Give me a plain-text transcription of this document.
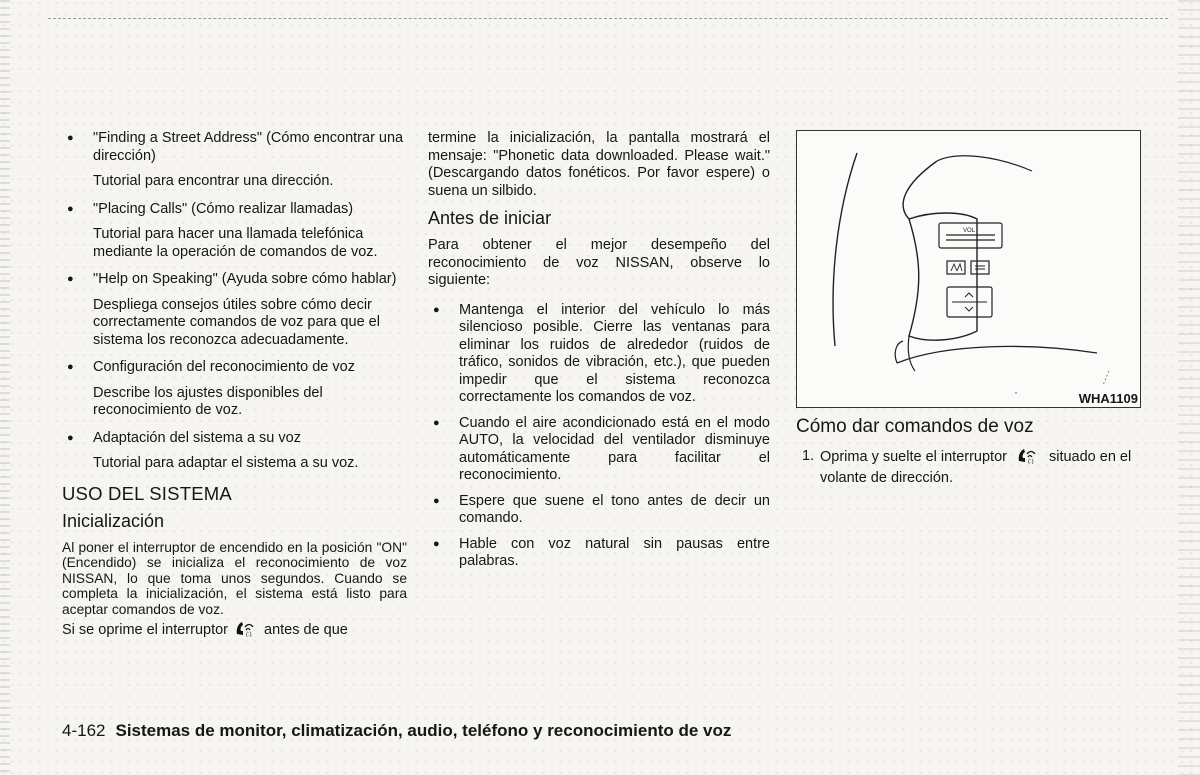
● "Finding a Street Address" (Cómo encontrar una dirección)
Tutorial para encontrar una dirección.
● "Placing Calls" (Cómo realizar llamadas)
Tutorial para hacer una llamada telefónica mediante la operación de comandos de voz.
● "Help on Speaking" (Ayuda sobre cómo hablar)
Despliega consejos útiles sobre cómo decir correctamente comandos de voz para que el sistema los reconozca adecuadamente.
● Configuración del reconocimiento de voz
Describe los ajustes disponibles del reconocimiento de voz.
● Adaptación del sistema a su voz
Tutorial para adaptar el sistema a su voz.
USO DEL SISTEMA
Inicialización
Al poner el interruptor de encendido en la posición "ON" (Encendido) se inicializa el reconocimiento de voz NISSAN, lo que toma unos segundos. Cuando se completa la inicialización, el sistema está listo para aceptar comandos de voz.
Si se oprime el interruptor	(:) antes de que
termine la inicialización, la pantalla mostrará el mensaje: "Phonetic data downloaded. Please wait." (Descargando datos fonéticos. Por favor espere) o suena un silbido.
Antes de iniciar
Para obtener el mejor desempeño del reconocimiento de voz NISSAN, observe lo siguiente:
● Mantenga el interior del vehículo lo más silencioso posible. Cierre las ventanas para eliminar los ruidos de alrededor (ruidos de tráfico, sonidos de vibración, etc.), que pueden impedir que el sistema reconozca correctamente los comandos de voz.
● Cuando el aire acondicionado está en el modo AUTO, la velocidad del ventilador disminuye automáticamente para facilitar el reconocimiento.
● Espere que suene el tono antes de decir un comando.
● Hable con voz natural sin pausas entre palabras.
VOL
WHA1109
Cómo dar comandos de voz
1. Oprima y suelte el interruptor	(:) situado en el volante de dirección.
4-162 Sistemas de monitor, climatización, audio, teléfono y reconocimiento de voz
